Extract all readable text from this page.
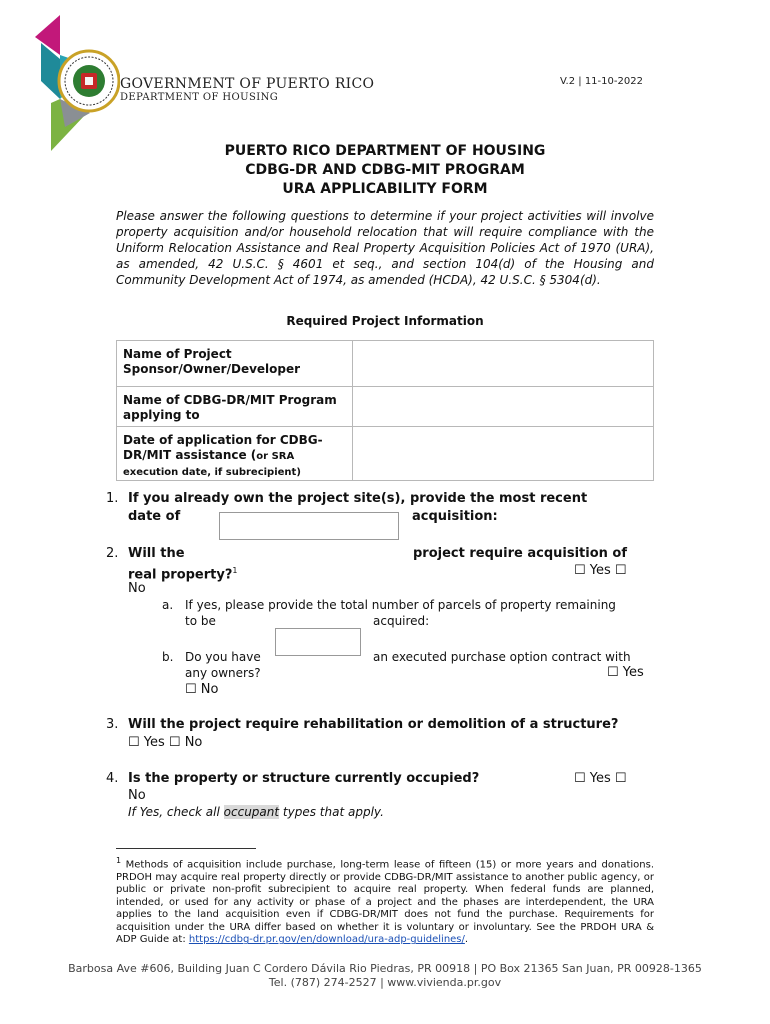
GOVERNMENT OF PUERTO RICO
DEPARTMENT OF HOUSING
V.2 | 11-10-2022
PUERTO RICO DEPARTMENT OF HOUSING
CDBG-DR AND CDBG-MIT PROGRAM
URA APPLICABILITY FORM
Please answer the following questions to determine if your project activities will involve property acquisition and/or household relocation that will require compliance with the Uniform Relocation Assistance and Real Property Acquisition Policies Act of 1970 (URA), as amended, 42 U.S.C. § 4601 et seq., and section 104(d) of the Housing and Community Development Act of 1974, as amended (HCDA), 42 U.S.C. § 5304(d).
Required Project Information
Name of Project Sponsor/Owner/Developer	
Name of CDBG-DR/MIT Program applying to	
Date of application for CDBG-DR/MIT assistance (or SRA
execution date, if subrecipient)	
1. If you already own the project site(s), provide the most recent
date of	acquisition:
2. Will the	project require acquisition of
real property?$^1$	☐ Yes ☐
No
a. If yes, please provide the total number of parcels of property remaining
to be	acquired:
b. Do you have	an executed purchase option contract with
any owners?	☐ Yes
☐ No
3. Will the project require rehabilitation or demolition of a structure?
☐ Yes ☐ No
4. Is the property or structure currently occupied?	☐ Yes ☐
No
If Yes, check all occupant types that apply.
$^1$ Methods of acquisition include purchase, long-term lease of fifteen (15) or more years and donations. PRDOH may acquire real property directly or provide CDBG-DR/MIT assistance to another public agency, or public or private non-profit subrecipient to acquire real property. When federal funds are planned, intended, or used for any activity or phase of a project and the phases are interdependent, the URA applies to the land acquisition even if CDBG-DR/MIT does not fund the purchase. Requirements for acquisition under the URA differ based on whether it is voluntary or involuntary. See the PRDOH URA & ADP Guide at: https://cdbg-dr.pr.gov/en/download/ura-adp-guidelines/.
Barbosa Ave #606, Building Juan C Cordero Dávila Rio Piedras, PR 00918 | PO Box 21365 San Juan, PR 00928-1365
Tel. (787) 274-2527 | www.vivienda.pr.gov
